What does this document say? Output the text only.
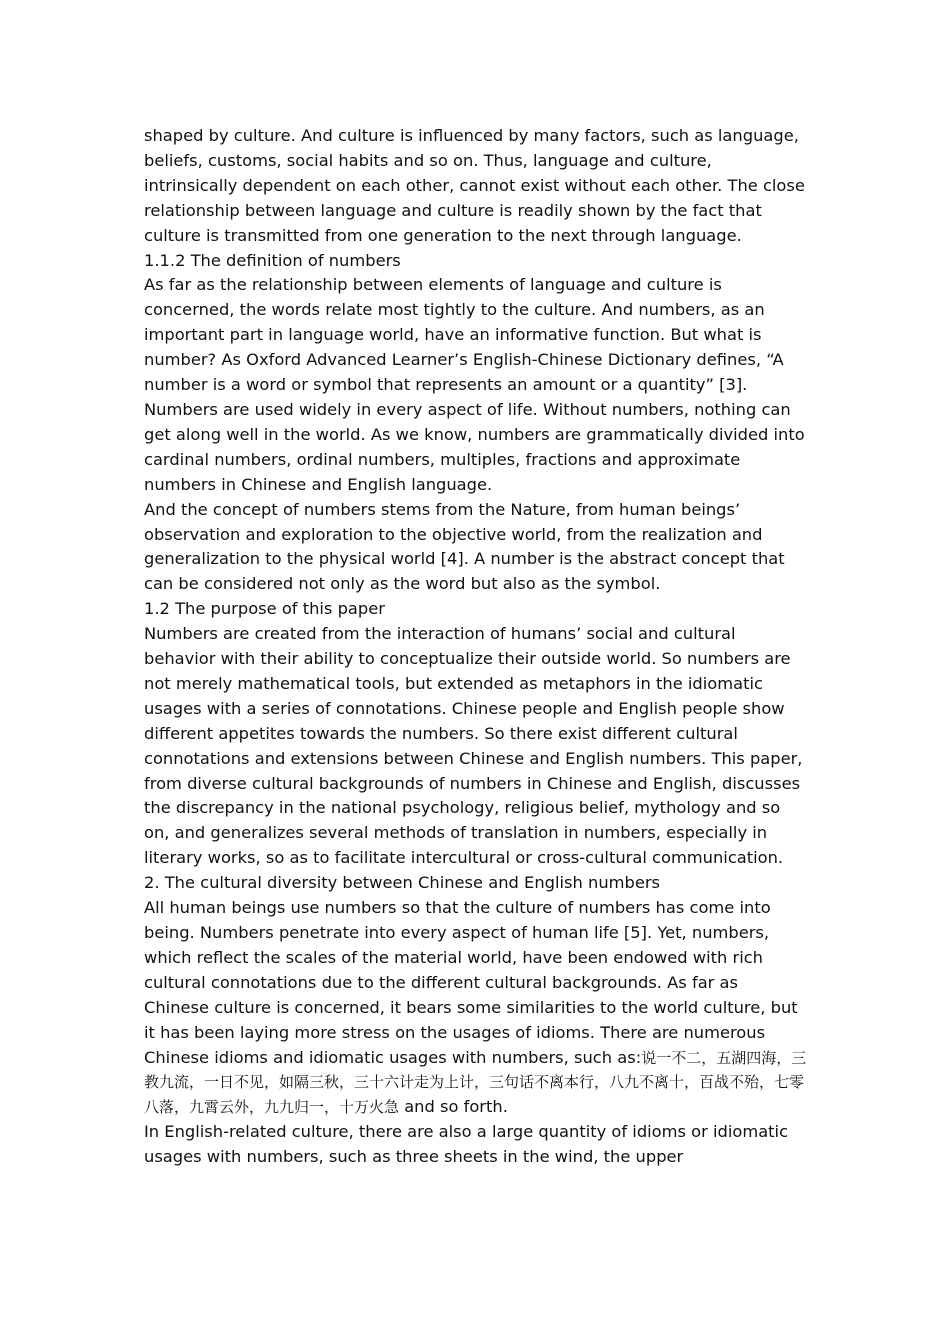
shaped by culture. And culture is influenced by many factors, such as language, beliefs, customs, social habits and so on. Thus, language and culture, intrinsically dependent on each other, cannot exist without each other. The close relationship between language and culture is readily shown by the fact that culture is transmitted from one generation to the next through language.

1.1.2 The definition of numbers

As far as the relationship between elements of language and culture is concerned, the words relate most tightly to the culture. And numbers, as an important part in language world, have an informative function. But what is number? As Oxford Advanced Learner’s English-Chinese Dictionary defines, “A number is a word or symbol that represents an amount or a quantity” [3]. Numbers are used widely in every aspect of life. Without numbers, nothing can get along well in the world. As we know, numbers are grammatically divided into cardinal numbers, ordinal numbers, multiples, fractions and approximate numbers in Chinese and English language.

And the concept of numbers stems from the Nature, from human beings’ observation and exploration to the objective world, from the realization and generalization to the physical world [4]. A number is the abstract concept that can be considered not only as the word but also as the symbol.

1.2 The purpose of this paper

Numbers are created from the interaction of humans’ social and cultural behavior with their ability to conceptualize their outside world. So numbers are not merely mathematical tools, but extended as metaphors in the idiomatic usages with a series of connotations. Chinese people and English people show different appetites towards the numbers. So there exist different cultural connotations and extensions between Chinese and English numbers. This paper, from diverse cultural backgrounds of numbers in Chinese and English, discusses the discrepancy in the national psychology, religious belief, mythology and so on, and generalizes several methods of translation in numbers, especially in literary works, so as to facilitate intercultural or cross-cultural communication.

2. The cultural diversity between Chinese and English numbers

All human beings use numbers so that the culture of numbers has come into being. Numbers penetrate into every aspect of human life [5]. Yet, numbers, which reflect the scales of the material world, have been endowed with rich cultural connotations due to the different cultural backgrounds. As far as Chinese culture is concerned, it bears some similarities to the world culture, but it has been laying more stress on the usages of idioms. There are numerous Chinese idioms and idiomatic usages with numbers, such as:说一不二，五湖四海，三教九流，一日不见，如隔三秋，三十六计走为上计，三句话不离本行，八九不离十，百战不殆，七零八落，九霄云外，九九归一，十万火急 and so forth.

In English-related culture, there are also a large quantity of idioms or idiomatic usages with numbers, such as three sheets in the wind, the upper
